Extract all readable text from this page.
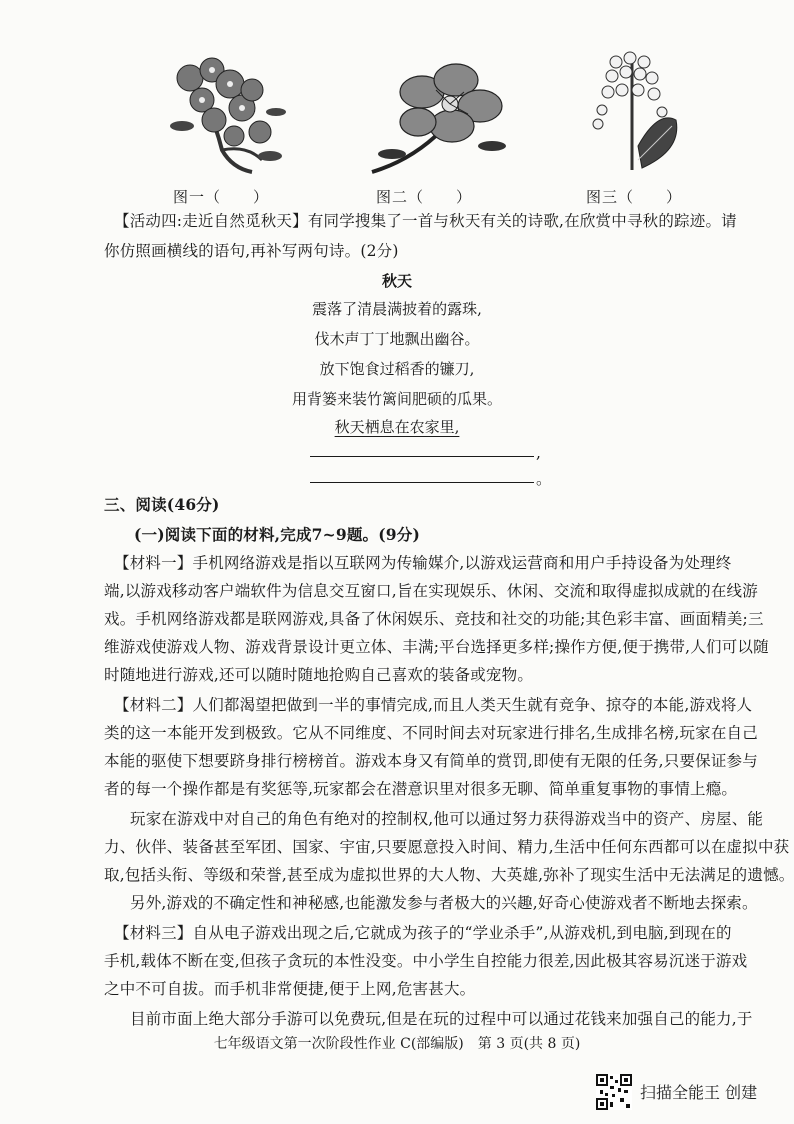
图一（　　）	图二（　　）	图三（　　）
【活动四:走近自然觅秋天】有同学搜集了一首与秋天有关的诗歌,在欣赏中寻秋的踪迹。请
你仿照画横线的语句,再补写两句诗。(2分)
秋天
震落了清晨满披着的露珠,
伐木声丁丁地飘出幽谷。
放下饱食过稻香的镰刀,
用背篓来装竹篱间肥硕的瓜果。
秋天栖息在农家里,
,
。
三、阅读(46分)
(一)阅读下面的材料,完成7~9题。(9分)
【材料一】手机网络游戏是指以互联网为传输媒介,以游戏运营商和用户手持设备为处理终
端,以游戏移动客户端软件为信息交互窗口,旨在实现娱乐、休闲、交流和取得虚拟成就的在线游
戏。手机网络游戏都是联网游戏,具备了休闲娱乐、竞技和社交的功能;其色彩丰富、画面精美;三
维游戏使游戏人物、游戏背景设计更立体、丰满;平台选择更多样;操作方便,便于携带,人们可以随
时随地进行游戏,还可以随时随地抢购自己喜欢的装备或宠物。
【材料二】人们都渴望把做到一半的事情完成,而且人类天生就有竞争、掠夺的本能,游戏将人
类的这一本能开发到极致。它从不同维度、不同时间去对玩家进行排名,生成排名榜,玩家在自己
本能的驱使下想要跻身排行榜榜首。游戏本身又有简单的赏罚,即使有无限的任务,只要保证参与
者的每一个操作都是有奖惩等,玩家都会在潜意识里对很多无聊、简单重复事物的事情上瘾。
玩家在游戏中对自己的角色有绝对的控制权,他可以通过努力获得游戏当中的资产、房屋、能
力、伙伴、装备甚至军团、国家、宇宙,只要愿意投入时间、精力,生活中任何东西都可以在虚拟中获
取,包括头衔、等级和荣誉,甚至成为虚拟世界的大人物、大英雄,弥补了现实生活中无法满足的遗憾。
另外,游戏的不确定性和神秘感,也能激发参与者极大的兴趣,好奇心使游戏者不断地去探索。
【材料三】自从电子游戏出现之后,它就成为孩子的“学业杀手”,从游戏机,到电脑,到现在的
手机,载体不断在变,但孩子贪玩的本性没变。中小学生自控能力很差,因此极其容易沉迷于游戏
之中不可自拔。而手机非常便捷,便于上网,危害甚大。
目前市面上绝大部分手游可以免费玩,但是在玩的过程中可以通过花钱来加强自己的能力,于
七年级语文第一次阶段性作业 C(部编版)　第 3 页(共 8 页)
扫描全能王 创建
